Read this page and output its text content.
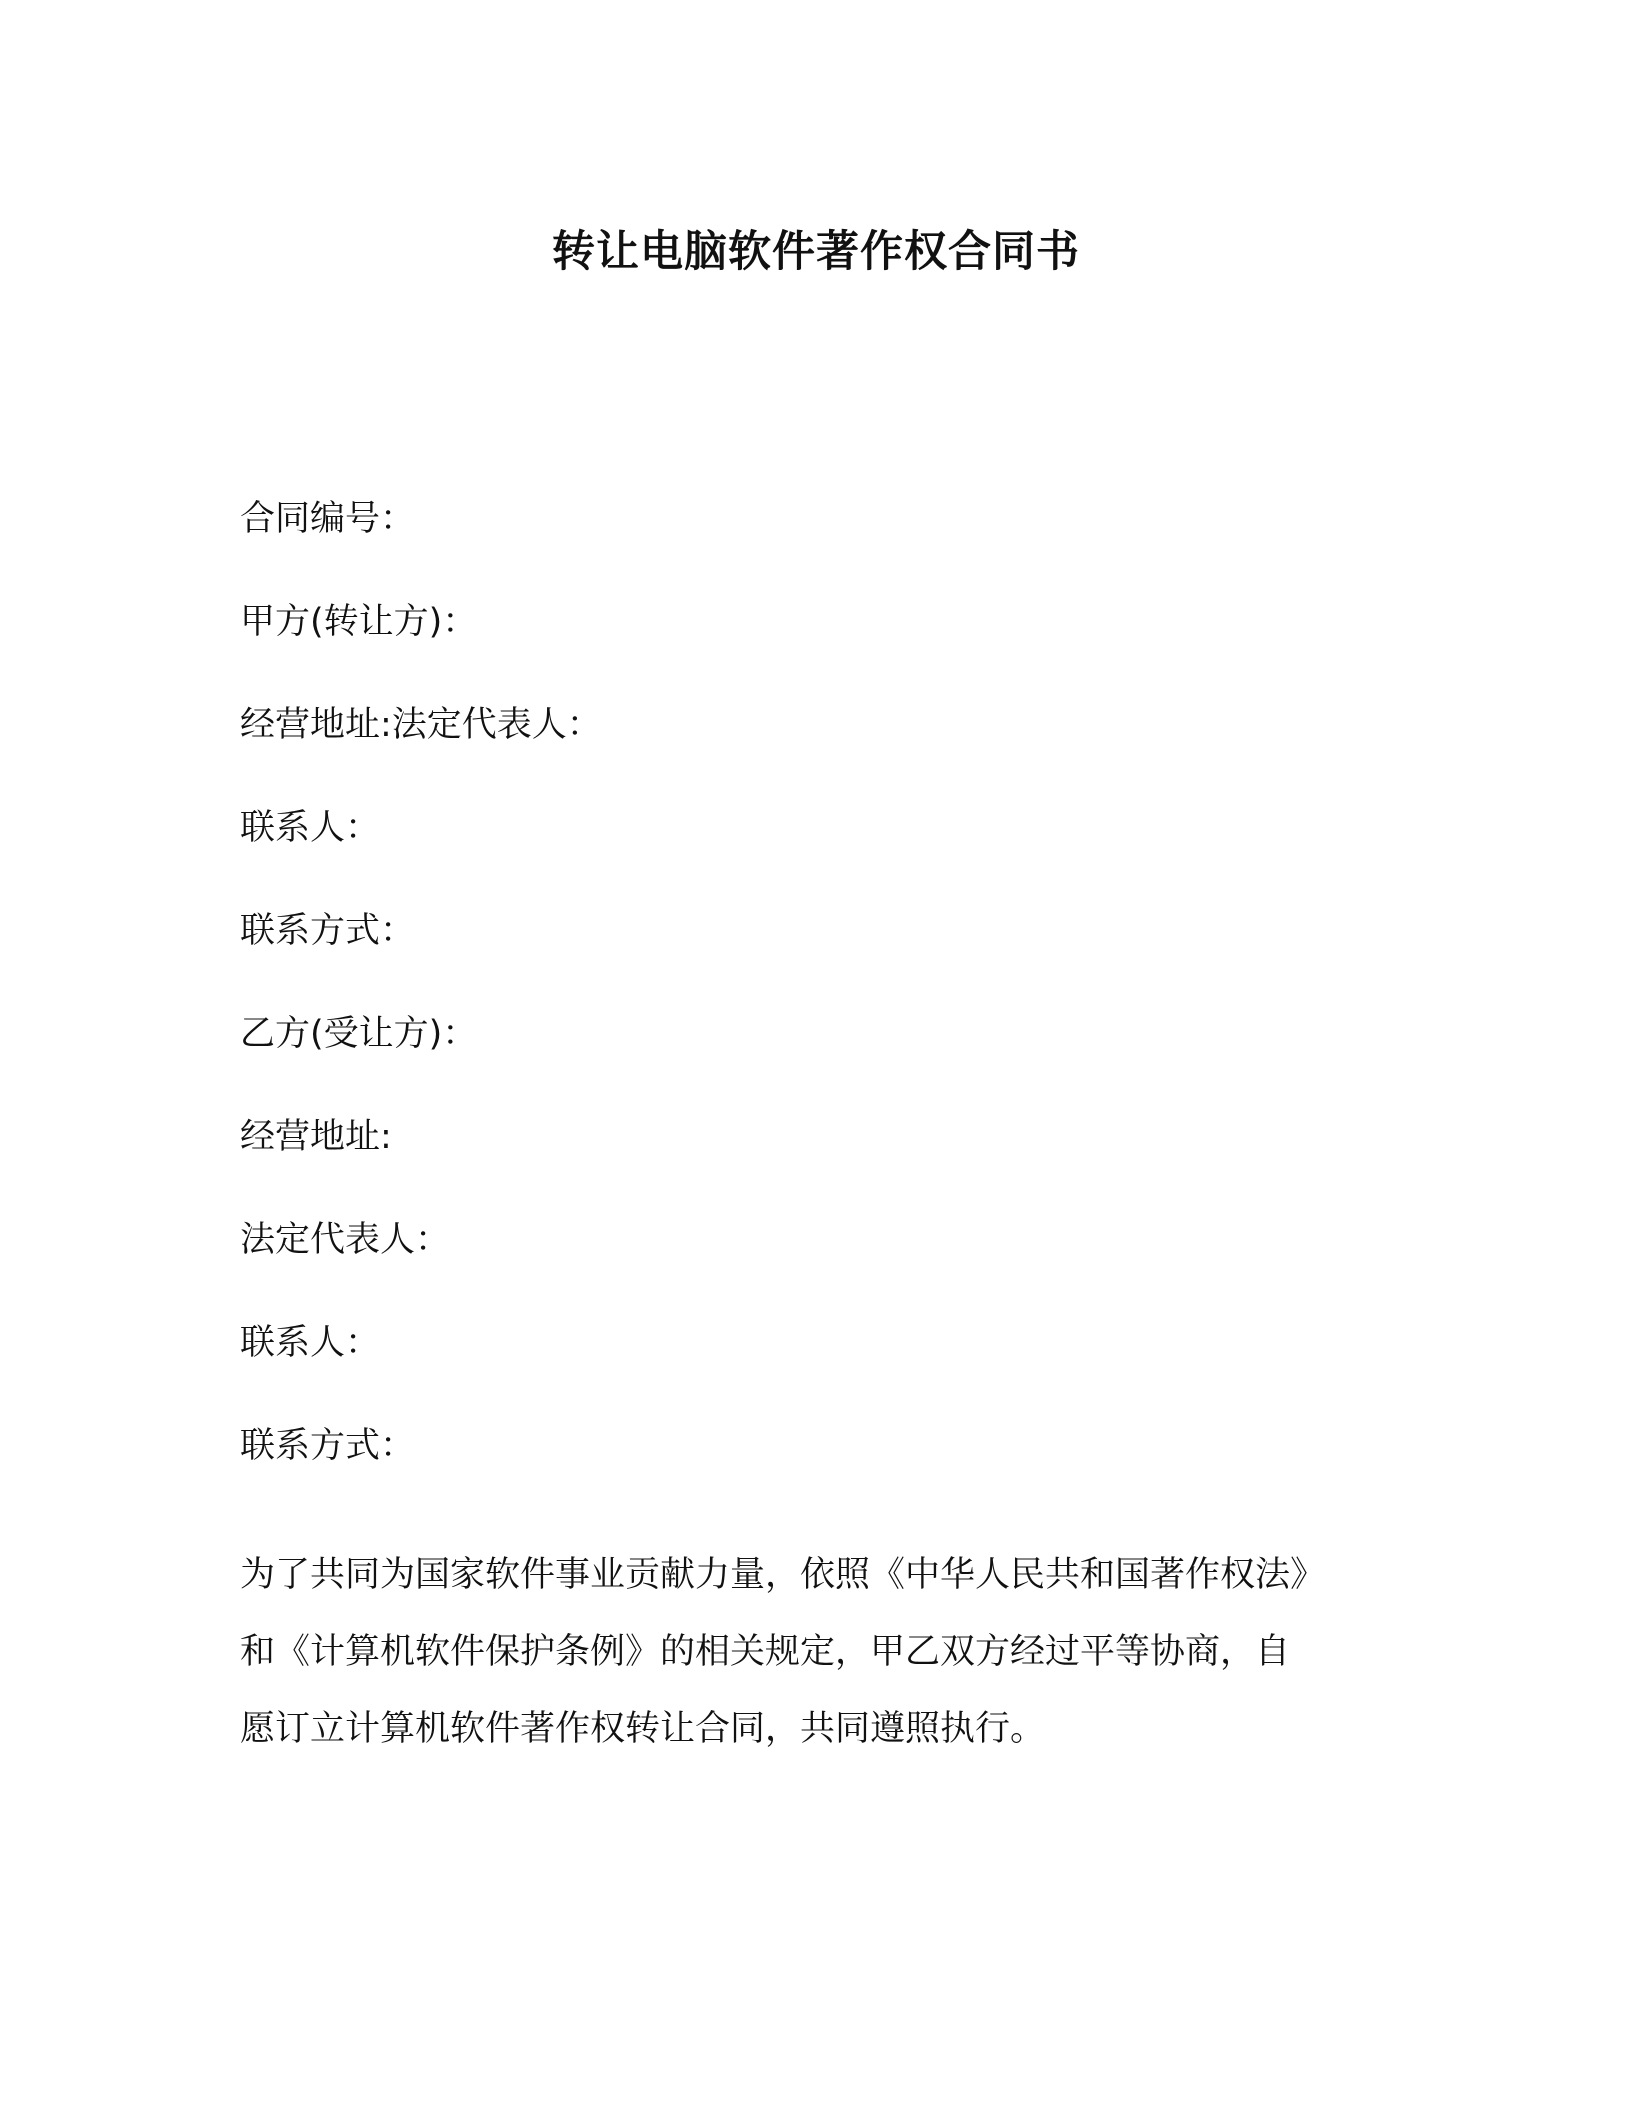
转让电脑软件著作权合同书
合同编号：
甲方(转让方)：
经营地址:法定代表人：
联系人：
联系方式：
乙方(受让方)：
经营地址:
法定代表人：
联系人：
联系方式：

为了共同为国家软件事业贡献力量，依照《中华人民共和国著作权法》
和《计算机软件保护条例》的相关规定，甲乙双方经过平等协商，自
愿订立计算机软件著作权转让合同，共同遵照执行。
